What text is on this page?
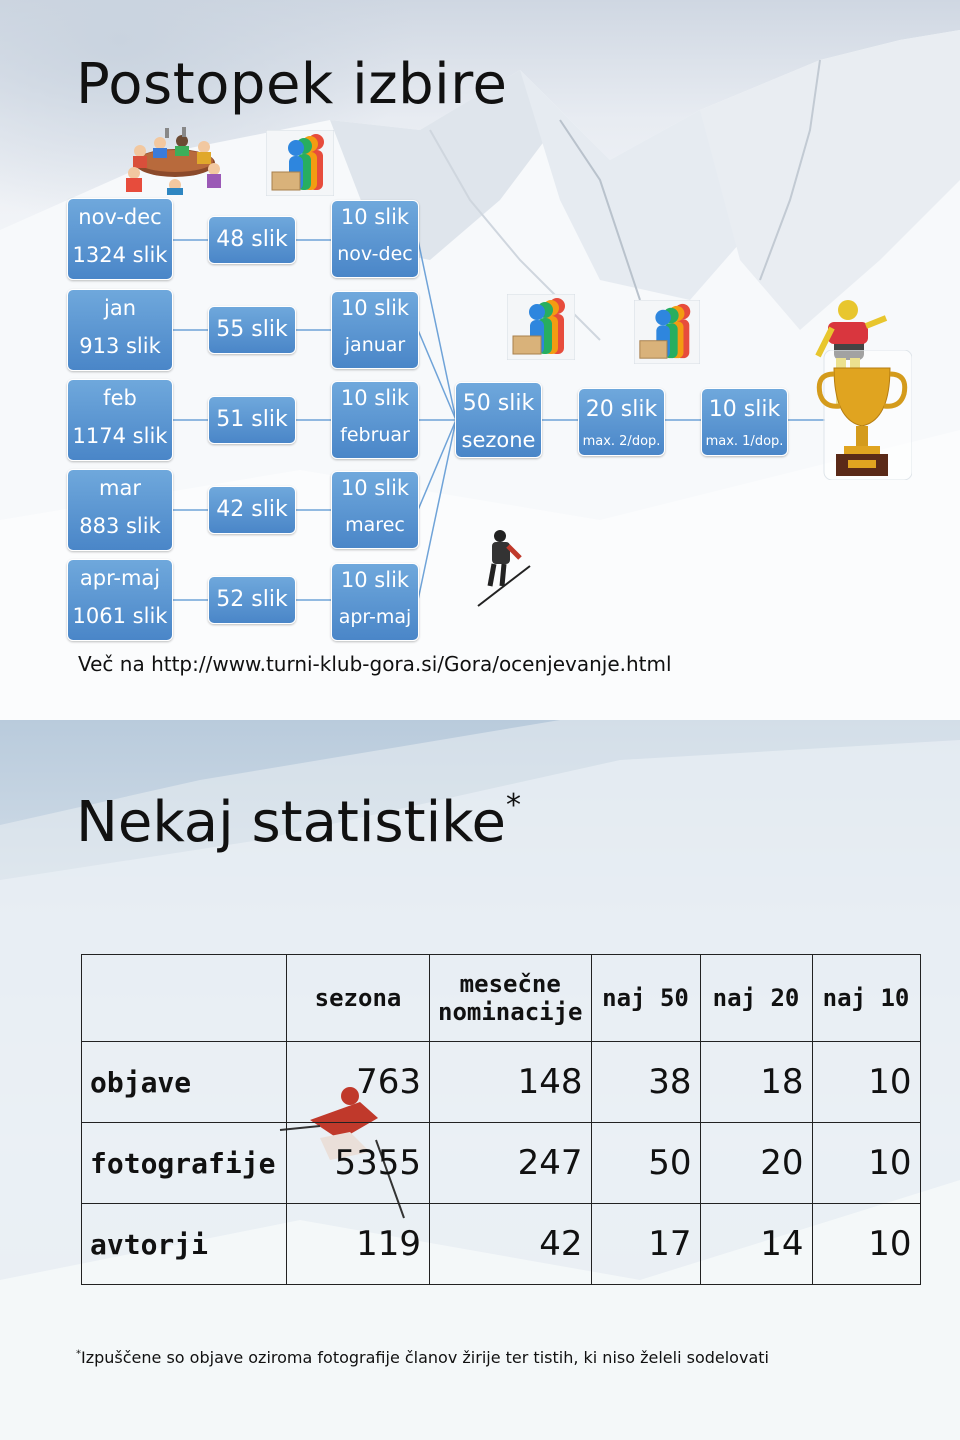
Postopek izbire
nov-dec
1324 slik
jan
913 slik
feb
1174 slik
mar
883 slik
apr-maj
1061 slik
48 slik
55 slik
51 slik
42 slik
52 slik
10 slik
nov-dec
10 slik
januar
10 slik
februar
10 slik
marec
10 slik
apr-maj
50 slik
sezone
20 slik
max. 2/dop.
10 slik
max. 1/dop.
Več na http://www.turni-klub-gora.si/Gora/ocenjevanje.html
Nekaj statistike*
	sezona	mesečne nominacije	naj 50	naj 20	naj 10
objave	763	148	38	18	10
fotografije	5355	247	50	20	10
avtorji	119	42	17	14	10
*Izpuščene so objave oziroma fotografije članov žirije ter tistih, ki niso želeli sodelovati
